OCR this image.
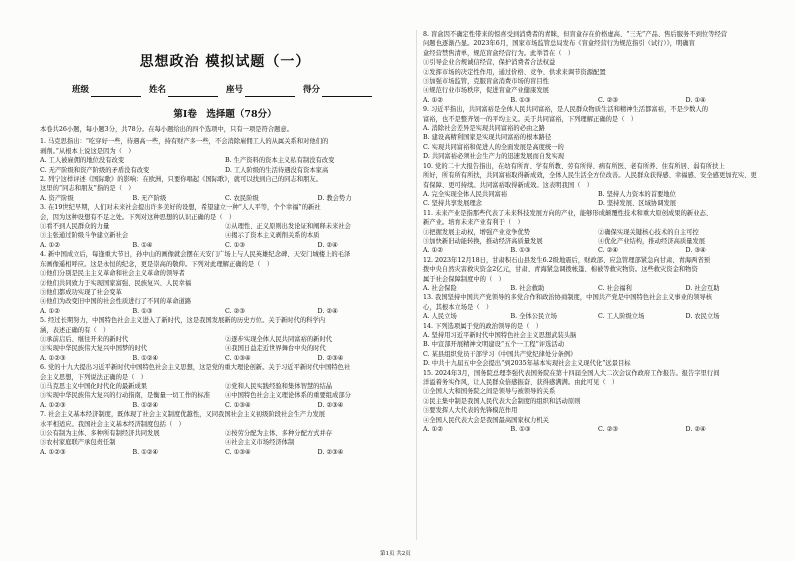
思想政治 模拟试题（一）
班级	姓名	座号	得分
第Ⅰ卷　选择题（78分）
本卷共26小题，每小题3分，共78分。在每小题给出的四个选项中，只有一项是符合题意。
1. 马克思指出：“吃穿好一些，待遇高一些，持有财产多一些，不会消除雇佣工人的从属关系和对他们的
剥削。”从根本上说这是因为（　）
A. 工人被雇佣的地位没有改变	B. 生产资料的资本主义私有制没有改变
C. 无产阶级和资产阶级的矛盾没有改变	D. 工人阶级的生活待遇没有资本家高
2. 列宁这样评述《国际歌》的影响：在欧洲，只要你唱起《国际歌》，就可以找到自己的同志和朋友。
这里的“同志和朋友”指的是（　）
A. 资产阶级	B. 无产阶级	C. 农民阶级	D. 教会势力
3. 在19世纪早期，人们对未来社会提出许多美好的设想，希望建立一种“人人平等，个个幸福”的新社
会，因为这种设想有不足之处。下列对这种思想的认识正确的是（　）
①看不到人民群众的力量	②从理性、正义原则出发论证和阐释未来社会
③主张通过阶级斗争建立新社会	④揭示了资本主义剥削关系的本质
A. ①②	B. ①④	C. ①③	D. ②④
4. 新中国成立后，每逢重大节日，孙中山的画像就会摆在天安门广场上与人民英雄纪念碑、天安门城楼上的毛泽
东画像遥相呼应。这是永恒的纪念，更是崇高的敬仰。下列对此理解正确的是（　）
①他们分别是民主主义革命和社会主义革命的领导者
②他们共同致力于实现国家富强、民族复兴、人民幸福
③他们都成功实现了社会变革
④他们为改变旧中国的社会性质进行了不同的革命道路
A. ①②	B. ①③	C. ②③	D. ②④
5. 经过长期努力，中国特色社会主义进入了新时代，这是我国发展新的历史方位。关于新时代的科学内
涵，表述正确的有（　）
①承前启后、继往开来的新时代	②逐步实现全体人民共同富裕的新时代
③实现中华民族伟大复兴中国梦的时代	④我国日益走近世界舞台中央的时代
A. ①②③	B. ①②④	C. ①③④	D. ②③④
6. 党的十九大提出习近平新时代中国特色社会主义思想，这是党的重大理论创新。关于习近平新时代中国特色社
会主义思想，下列说法正确的是（　）
①马克思主义中国化时代化的最新成果	②党和人民实践经验和集体智慧的结晶
③实现中华民族伟大复兴的行动指南，是衡量一切工作的标准	④中国特色社会主义理论体系的重要组成部分
A. ①②③	B. ①②④	C. ①③④	D. ②③④
7. 社会主义基本经济制度，既体现了社会主义制度优越性，又同我国社会主义初级阶段社会生产力发展
水平相适应。我国社会主义基本经济制度包括（　）
①公有制为主体、多种所有制经济共同发展	②按劳分配为主体、多种分配方式并存
③农村家庭联产承包责任制	④社会主义市场经济体制
A. ①②③	B. ①②④	C. ①③④	D. ②③④
8. 盲盒因不确定性带来的惊喜受到消费者的青睐，但盲盒存在价格虚高、“三无”产品、售后服务不到位等经营
问题也逐渐凸显。2023年6月，国家市场监管总局发布《盲盒经营行为规范指引（试行）》，明确盲
盒经营禁售清单，规范盲盒经营行为。此举旨在（　）
①引导企业合规诚信经营，保护消费者合法权益
②发挥市场的决定性作用，通过价格、竞争、供求来调节资源配置
③加强市场监管，克服盲盒消费市场的盲目性
④规范行业市场秩序，促进盲盒产业健康发展
A. ①②	B. ①③	C. ②③	D. ①④
9. 习近平指出，共同富裕是全体人民共同富裕，是人民群众物质生活和精神生活都富裕，不是少数人的
富裕，也不是整齐划一的平均主义。关于共同富裕，下列理解正确的是（　）
A. 消除社会差异是实现共同富裕的必由之路
B. 建设高精利国家是实现共同富裕的根本路径
C. 实现共同富裕和促进人的全面发展是高度统一的
D. 共同富裕必须社会生产力的迅速发展而自发实现
10. 党的二十大报告指出，在幼有所育、学有所教、劳有所得、病有所医、老有所养、住有所居、弱有所扶上
所好，所有所有所扶，共同富裕取得新成效，全体人民生活全方位改善。人民群众获得感、幸福感、安全感更加充实、更
有保障、更可持续。共同富裕取得新成效。这表明我国（　）
A. 完全实现全体人民共同富裕	B. 坚持人力资本的首要地位
C. 坚持共享发展理念	D. 坚持发展、区域协调发展
11. 未来产业是指那些代表了未来科技发展方向的产业，能够形成颠覆性技术和重大原创成果的新业态、
新产业。培育未来产业有利于（　）
①把握发展主动权，增强产业竞争优势	②确保实现关键核心技术的自主可控
③加快新旧动能转换，推动经济高质量发展	④优化产业结构，推动经济高质量发展
A. ①②	B. ①③	C. ②④	D. ③④
12. 2023年12月18日，甘肃积石山县发生6.2级地震后，财政部、应急管理部紧急向甘肃、青海两省预
拨中央自然灾害救灾资金2亿元，甘肃、青海紧急调拨帐篷、棉被等救灾物资。这些救灾资金和物资
属于社会保障制度中的（　）
A. 社会保险	B. 社会救助	C. 社会福利	D. 社会互助
13. 我国坚持中国共产党领导的多党合作和政治协商制度，中国共产党是中国特色社会主义事业的领导核
心，其根本立场是（　）
A. 人民立场	B. 全体公民立场	C. 工人阶级立场	D. 农民立场
14. 下列选项属于党的政治领导的是（　）
A. 坚持用习近平新时代中国特色社会主义思想武装头脑
B. 中宣部开展精神文明建设“五个一工程”评选活动
C. 某县组织党员干部学习《中国共产党纪律处分条例》
D. 中共十九届五中全会提出“到2035年基本实现社会主义现代化”远景目标
15. 2024年3月，国务院总理李强代表国务院在第十四届全国人大二次会议作政府工作报告。报告字里行间
洋溢着务实作风，让人民群众倍感振奋、获得感满满。由此可见（　）
①全国人大和国务院之间是领导与被领导的关系
②民主集中制是我国人民代表大会制度的组织和活动原则
③要发挥人大代表的先锋模范作用
④全国人民代表大会是我国最高国家权力机关
A. ①②	B. ①③	C. ②③	D. ②④
第1页 共2页
